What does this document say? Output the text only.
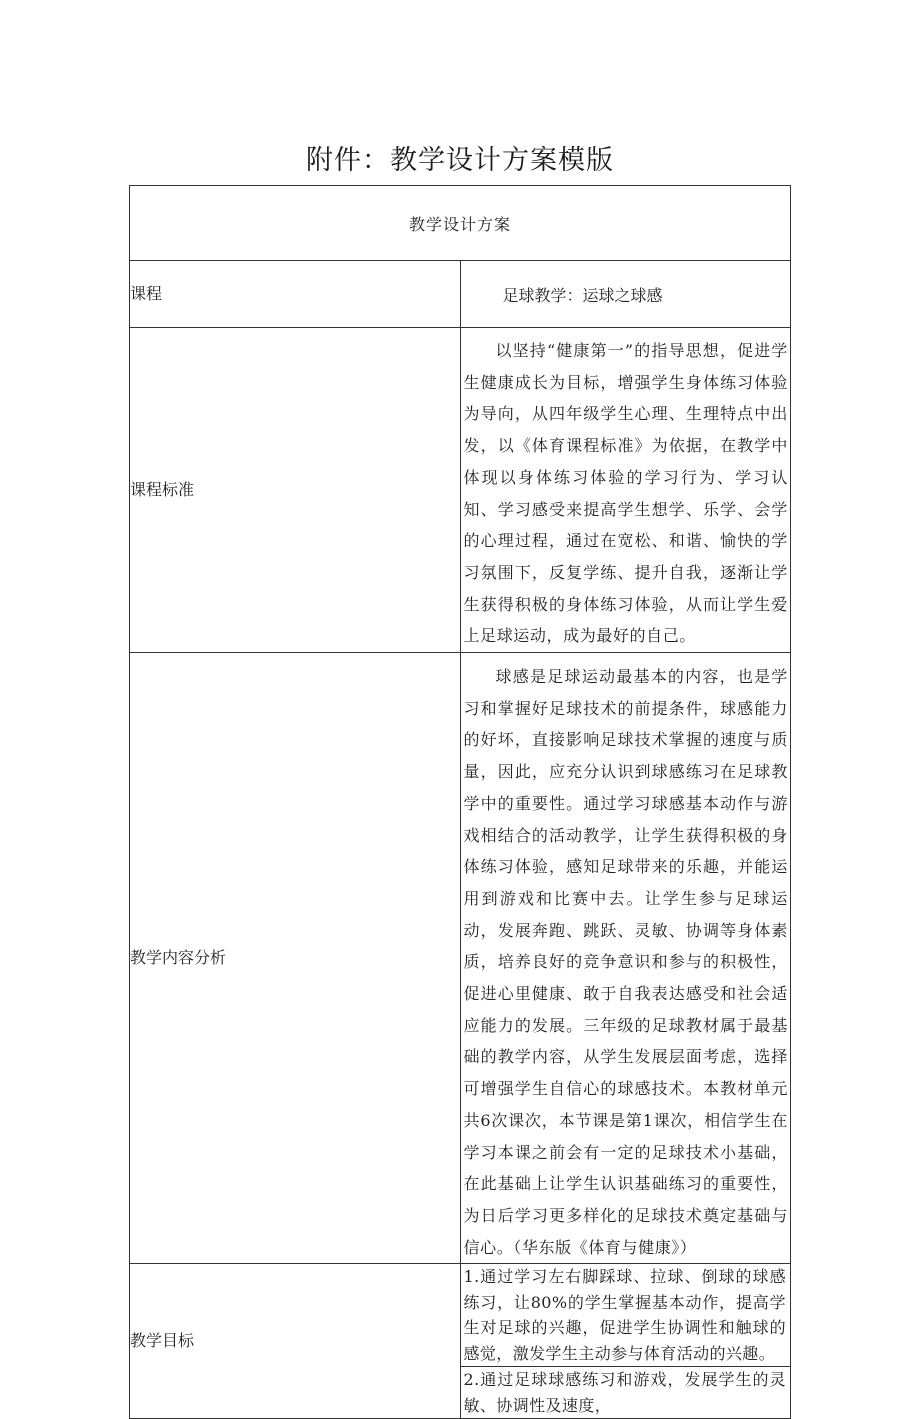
附件：教学设计方案模版
教学设计方案	
课程	足球教学：运球之球感

课程标准	以坚持“健康第一”的指导思想，促进学生健康成长为目标，增强学生身体练习体验为导向，从四年级学生心理、生理特点中出发，以《体育课程标准》为依据，在教学中体现以身体练习体验的学习行为、学习认知、学习感受来提高学生想学、乐学、会学的心理过程，通过在宽松、和谐、愉快的学习氛围下，反复学练、提升自我，逐渐让学生获得积极的身体练习体验，从而让学生爱上足球运动，成为最好的自己。

教学内容分析	球感是足球运动最基本的内容，也是学习和掌握好足球技术的前提条件，球感能力的好坏，直接影响足球技术掌握的速度与质量，因此，应充分认识到球感练习在足球教学中的重要性。通过学习球感基本动作与游戏相结合的活动教学，让学生获得积极的身体练习体验，感知足球带来的乐趣，并能运用到游戏和比赛中去。让学生参与足球运动，发展奔跑、跳跃、灵敏、协调等身体素质，培养良好的竞争意识和参与的积极性，促进心里健康、敢于自我表达感受和社会适应能力的发展。三年级的足球教材属于最基础的教学内容，从学生发展层面考虑，选择可增强学生自信心的球感技术。本教材单元共6次课次，本节课是第1课次，相信学生在学习本课之前会有一定的足球技术小基础，在此基础上让学生认识基础练习的重要性，为日后学习更多样化的足球技术奠定基础与信心。（华东版《体育与健康》）

教学目标	1.通过学习左右脚踩球、拉球、倒球的球感练习，让80%的学生掌握基本动作，提高学生对足球的兴趣，促进学生协调性和触球的感觉，激发学生主动参与体育活动的兴趣。

	2.通过足球球感练习和游戏，发展学生的灵敏、协调性及速度，
